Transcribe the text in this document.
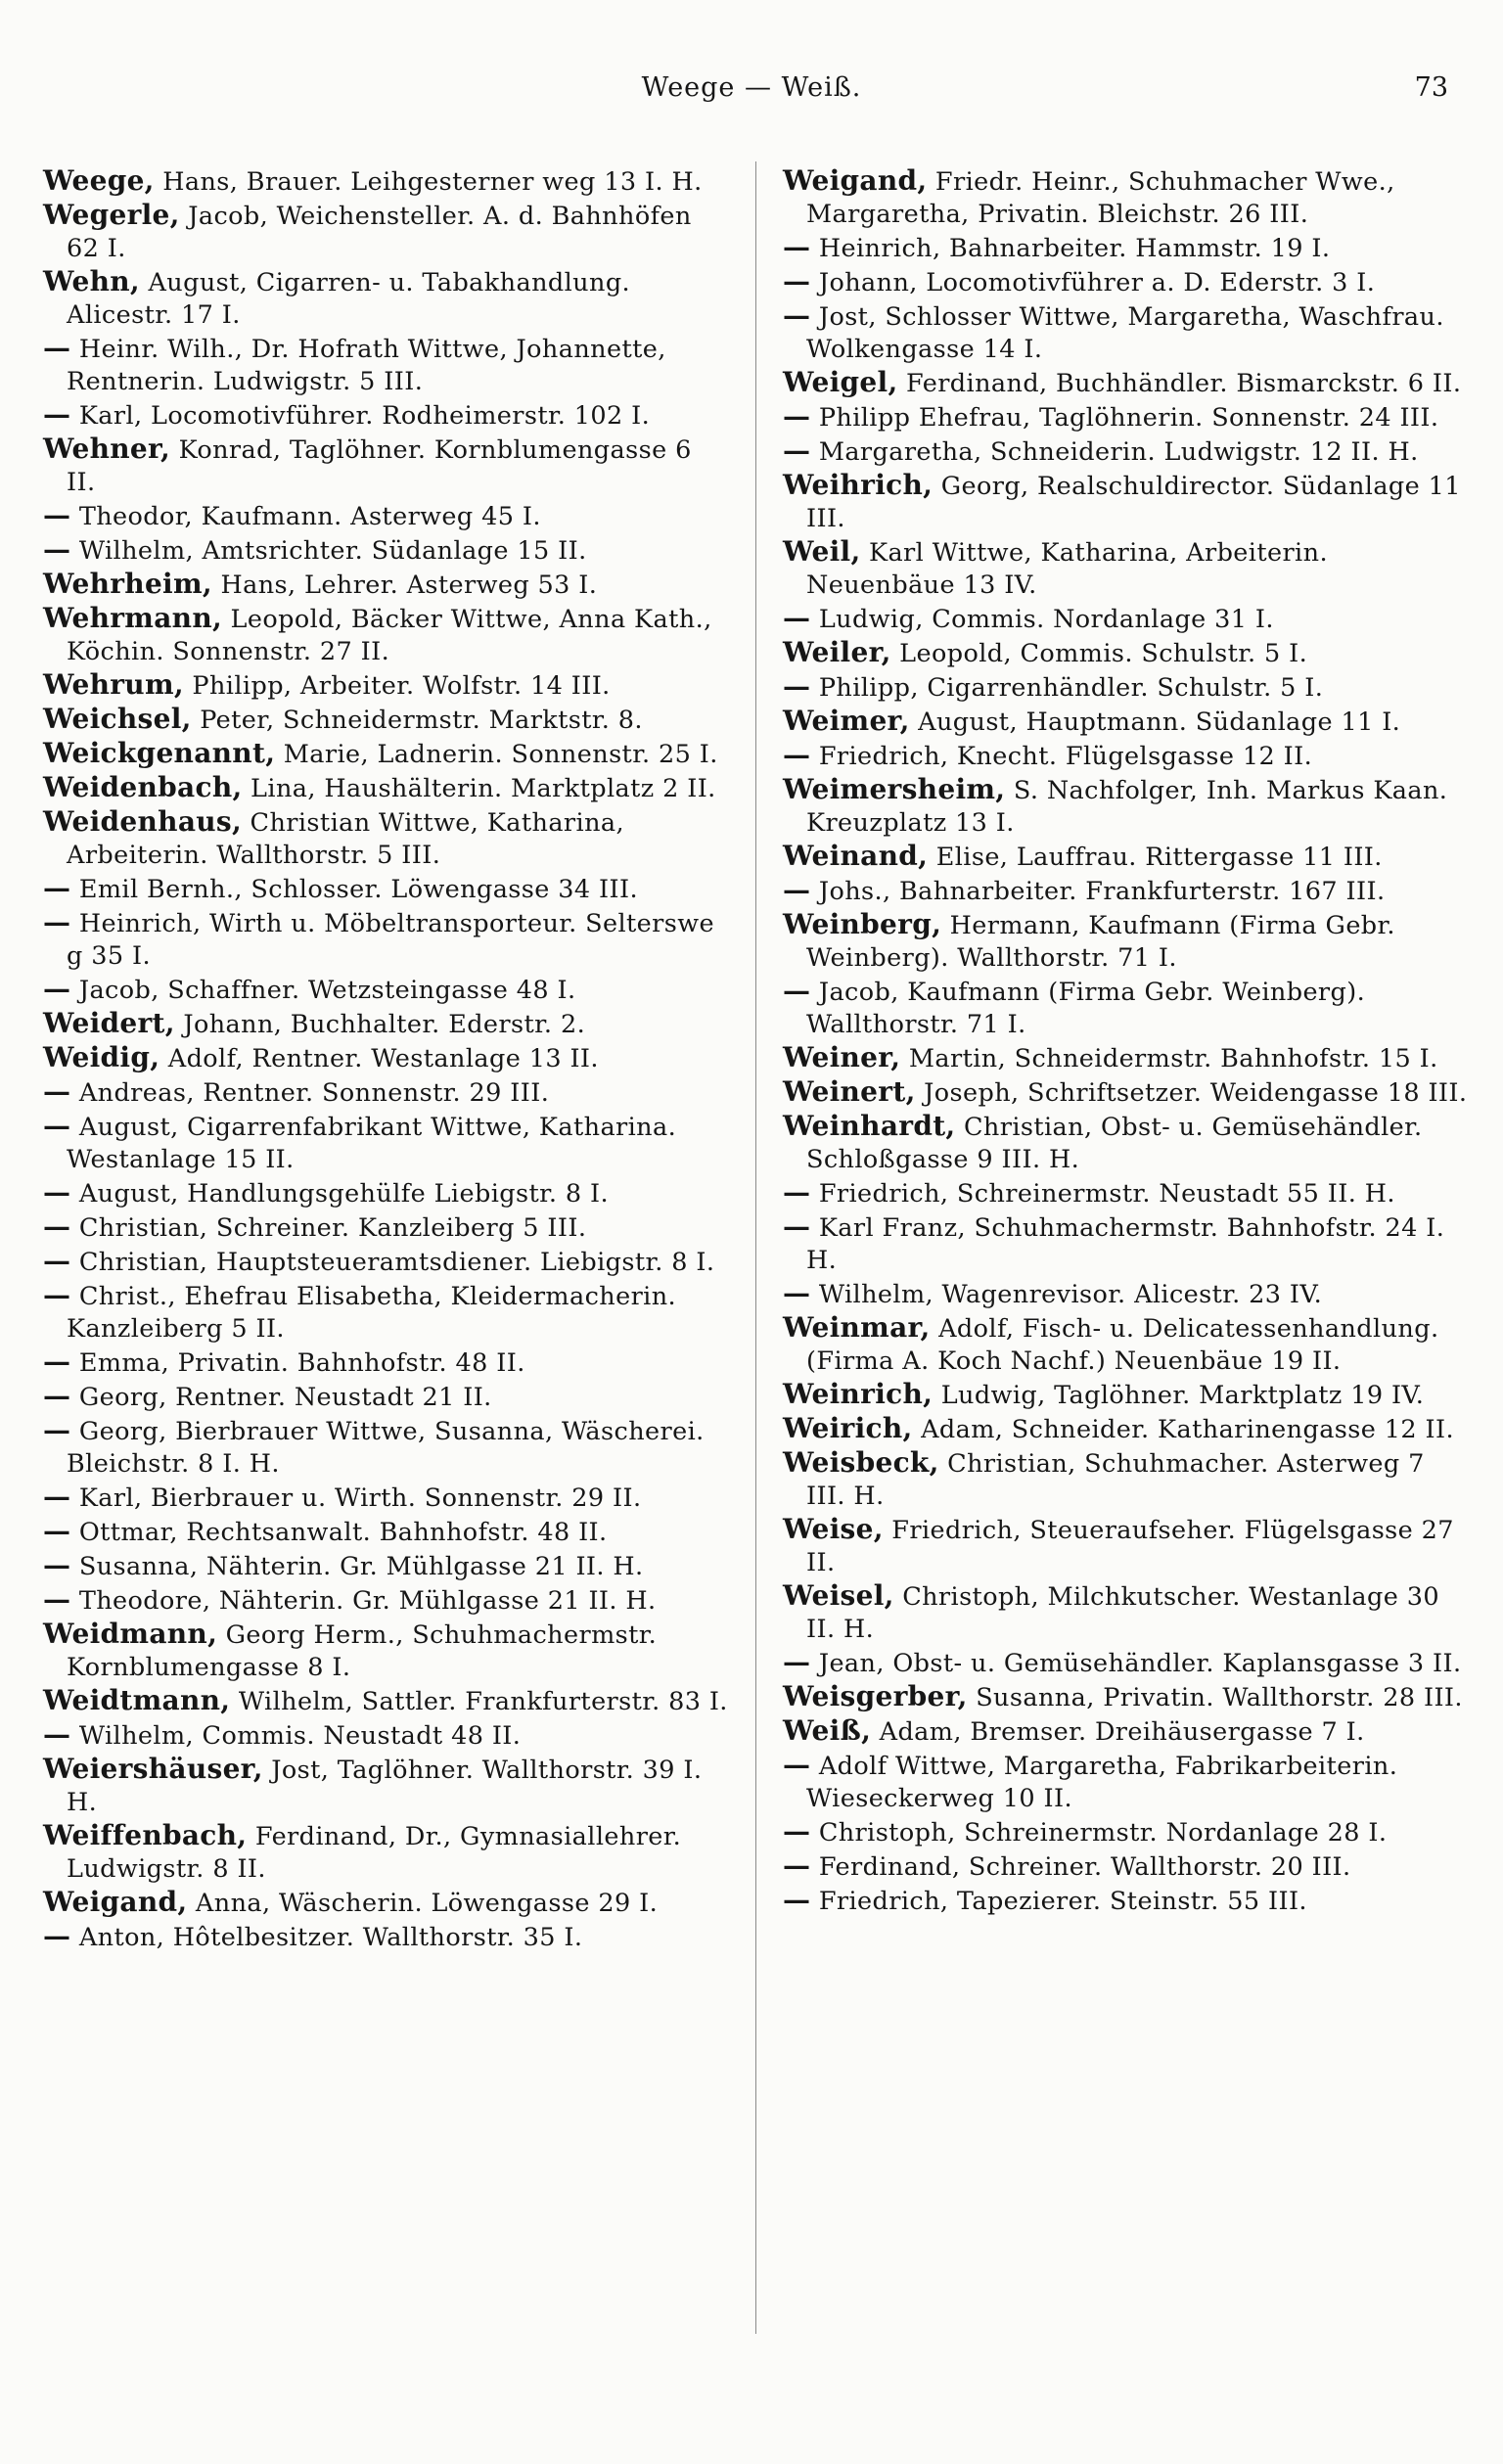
Weege — Weiß.	73

Weege, Hans, Brauer. Leihgesterner weg 13 I. H.

Wegerle, Jacob, Weichensteller. A. d. Bahnhöfen 62 I.

Wehn, August, Cigarren- u. Tabakhandlung. Alicestr. 17 I.

— Heinr. Wilh., Dr. Hofrath Wittwe, Johannette, Rentnerin. Ludwigstr. 5 III.

— Karl, Locomotivführer. Rodheimerstr. 102 I.

Wehner, Konrad, Taglöhner. Kornblumengasse 6 II.

— Theodor, Kaufmann. Asterweg 45 I.

— Wilhelm, Amtsrichter. Südanlage 15 II.

Wehrheim, Hans, Lehrer. Asterweg 53 I.

Wehrmann, Leopold, Bäcker Wittwe, Anna Kath., Köchin. Sonnenstr. 27 II.

Wehrum, Philipp, Arbeiter. Wolfstr. 14 III.

Weichsel, Peter, Schneidermstr. Marktstr. 8.

Weickgenannt, Marie, Ladnerin. Sonnenstr. 25 I.

Weidenbach, Lina, Haushälterin. Marktplatz 2 II.

Weidenhaus, Christian Wittwe, Katharina, Arbeiterin. Wallthorstr. 5 III.

— Emil Bernh., Schlosser. Löwengasse 34 III.

— Heinrich, Wirth u. Möbeltransporteur. Selterswe g 35 I.

— Jacob, Schaffner. Wetzsteingasse 48 I.

Weidert, Johann, Buchhalter. Ederstr. 2.

Weidig, Adolf, Rentner. Westanlage 13 II.

— Andreas, Rentner. Sonnenstr. 29 III.

— August, Cigarrenfabrikant Wittwe, Katharina. Westanlage 15 II.

— August, Handlungsgehülfe Liebigstr. 8 I.

— Christian, Schreiner. Kanzleiberg 5 III.

— Christian, Hauptsteueramtsdiener. Liebigstr. 8 I.

— Christ., Ehefrau Elisabetha, Kleidermacherin. Kanzleiberg 5 II.

— Emma, Privatin. Bahnhofstr. 48 II.

— Georg, Rentner. Neustadt 21 II.

— Georg, Bierbrauer Wittwe, Susanna, Wäscherei. Bleichstr. 8 I. H.

— Karl, Bierbrauer u. Wirth. Sonnenstr. 29 II.

— Ottmar, Rechtsanwalt. Bahnhofstr. 48 II.

— Susanna, Nähterin. Gr. Mühlgasse 21 II. H.

— Theodore, Nähterin. Gr. Mühlgasse 21 II. H.

Weidmann, Georg Herm., Schuhmachermstr. Kornblumengasse 8 I.

Weidtmann, Wilhelm, Sattler. Frankfurterstr. 83 I.

— Wilhelm, Commis. Neustadt 48 II.

Weiershäuser, Jost, Taglöhner. Wallthorstr. 39 I. H.

Weiffenbach, Ferdinand, Dr., Gymnasiallehrer. Ludwigstr. 8 II.

Weigand, Anna, Wäscherin. Löwengasse 29 I.

— Anton, Hôtelbesitzer. Wallthorstr. 35 I.

Weigand, Friedr. Heinr., Schuhmacher Wwe., Margaretha, Privatin. Bleichstr. 26 III.

— Heinrich, Bahnarbeiter. Hammstr. 19 I.

— Johann, Locomotivführer a. D. Ederstr. 3 I.

— Jost, Schlosser Wittwe, Margaretha, Waschfrau. Wolkengasse 14 I.

Weigel, Ferdinand, Buchhändler. Bismarckstr. 6 II.

— Philipp Ehefrau, Taglöhnerin. Sonnenstr. 24 III.

— Margaretha, Schneiderin. Ludwigstr. 12 II. H.

Weihrich, Georg, Realschuldirector. Südanlage 11 III.

Weil, Karl Wittwe, Katharina, Arbeiterin. Neuenbäue 13 IV.

— Ludwig, Commis. Nordanlage 31 I.

Weiler, Leopold, Commis. Schulstr. 5 I.

— Philipp, Cigarrenhändler. Schulstr. 5 I.

Weimer, August, Hauptmann. Südanlage 11 I.

— Friedrich, Knecht. Flügelsgasse 12 II.

Weimersheim, S. Nachfolger, Inh. Markus Kaan. Kreuzplatz 13 I.

Weinand, Elise, Lauffrau. Rittergasse 11 III.

— Johs., Bahnarbeiter. Frankfurterstr. 167 III.

Weinberg, Hermann, Kaufmann (Firma Gebr. Weinberg). Wallthorstr. 71 I.

— Jacob, Kaufmann (Firma Gebr. Weinberg). Wallthorstr. 71 I.

Weiner, Martin, Schneidermstr. Bahnhofstr. 15 I.

Weinert, Joseph, Schriftsetzer. Weidengasse 18 III.

Weinhardt, Christian, Obst- u. Gemüsehändler. Schloßgasse 9 III. H.

— Friedrich, Schreinermstr. Neustadt 55 II. H.

— Karl Franz, Schuhmachermstr. Bahnhofstr. 24 I. H.

— Wilhelm, Wagenrevisor. Alicestr. 23 IV.

Weinmar, Adolf, Fisch- u. Delicatessenhandlung. (Firma A. Koch Nachf.) Neuenbäue 19 II.

Weinrich, Ludwig, Taglöhner. Marktplatz 19 IV.

Weirich, Adam, Schneider. Katharinengasse 12 II.

Weisbeck, Christian, Schuhmacher. Asterweg 7 III. H.

Weise, Friedrich, Steueraufseher. Flügelsgasse 27 II.

Weisel, Christoph, Milchkutscher. Westanlage 30 II. H.

— Jean, Obst- u. Gemüsehändler. Kaplansgasse 3 II.

Weisgerber, Susanna, Privatin. Wallthorstr. 28 III.

Weiß, Adam, Bremser. Dreihäusergasse 7 I.

— Adolf Wittwe, Margaretha, Fabrikarbeiterin. Wieseckerweg 10 II.

— Christoph, Schreinermstr. Nordanlage 28 I.

— Ferdinand, Schreiner. Wallthorstr. 20 III.

— Friedrich, Tapezierer. Steinstr. 55 III.
